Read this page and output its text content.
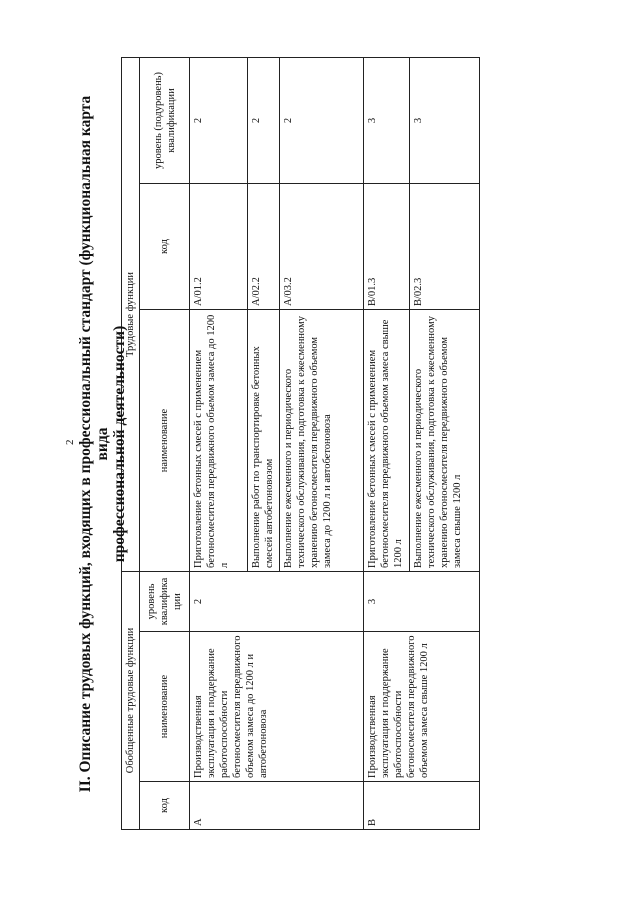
2 II. Описание трудовых функций, входящих в профессиональный стандарт (функциональная карта вида
профессиональной деятельности)
Обобщенные трудовые функции			Трудовые функции		
код	наименование	уровень квалификации	наименование	код	уровень (подуровень) квалификации
A	Производственная эксплуатация и поддержание работоспособности бетоносмесителя передвижного объемом замеса до 1200 л и автобетоновоза	2	Приготовление бетонных смесей с применением бетоносмесителя передвижного объемом замеса до 1200 л	A/01.2	2
			Выполнение работ по транспортировке бетонных смесей автобетоновозом	A/02.2	2
			Выполнение ежесменного и периодического технического обслуживания, подготовка к ежесменному хранению бетоносмесителя передвижного объемом замеса до 1200 л и автобетоновоза	A/03.2	2
B	Производственная эксплуатация и поддержание работоспособности бетоносмесителя передвижного объемом замеса свыше 1200 л	3	Приготовление бетонных смесей с применением бетоносмесителя передвижного объемом замеса свыше 1200 л	B/01.3	3
			Выполнение ежесменного и периодического технического обслуживания, подготовка к ежесменному хранению бетоносмесителя передвижного объемом замеса свыше 1200 л	B/02.3	3
